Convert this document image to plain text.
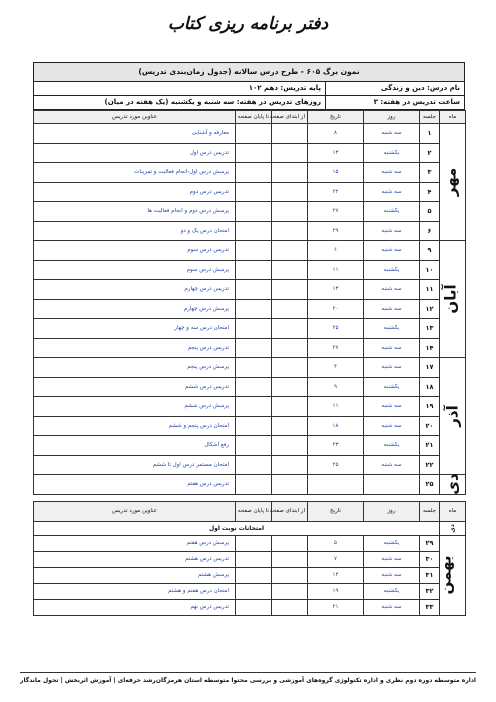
دفتر برنامه ریزی کتاب
نمون برگ ۶۰۵ - طرح درس سالانه (جدول زمان‌بندی تدریس)
نام درس: دین و زندگی
پایه تدریس: دهم ۱۰۲
ساعت تدریس در هفته: ۳
روزهای تدریس در هفته: سه شنبه و یکشنبه (یک هفته در میان)
ماه	جلسه	روز	تاریخ	از ابتدای صفحه	تا پایان صفحه	عناوین مورد تدریس
مهر	۱	سه شنبه	۸			معارفه و آشنایی
	۲	یکشنبه	۱۳			تدریس درس اول
	۳	سه شنبه	۱۵			پرسش درس اول-انجام فعالیت و تمرینات
	۴	سه شنبه	۲۲			تدریس درس دوم
	۵	یکشنبه	۲۷			پرسش درس دوم و انجام فعالیت ها
	۶	سه شنبه	۲۹			امتحان درس یک و دو
آبان	۹	سه شنبه	۶			تدریس درس سوم
	۱۰	یکشنبه	۱۱			پرسش درس سوم
	۱۱	سه شنبه	۱۳			تدریس درس چهارم
	۱۲	سه شنبه	۲۰			پرسش درس چهارم
	۱۳	یکشنبه	۲۵			امتحان درس سه و چهار
	۱۴	سه شنبه	۲۷			تدریس درس پنجم
آذر	۱۷	سه شنبه	۴			پرسش درس پنجم
	۱۸	یکشنبه	۹			تدریس درس ششم
	۱۹	سه شنبه	۱۱			پرسش درس ششم
	۲۰	سه شنبه	۱۸			امتحان درس پنجم و ششم
	۲۱	یکشنبه	۲۳			رفع اشکال
	۲۲	سه شنبه	۲۵			امتحان مستمر درس اول تا ششم
دی	۲۵					تدریس درس هفتم
ماه	جلسه	روز	تاریخ	از ابتدای صفحه	تا پایان صفحه	عناوین مورد تدریس
دی	امتحانات نوبت اول					
بهمن	۲۹	یکشنبه	۵			پرسش درس هفتم
	۳۰	سه شنبه	۷			تدریس درس هشتم
	۳۱	سه شنبه	۱۴			پرسش هشتم
	۳۲	یکشنبه	۱۹			امتحان درس هفتم و هشتم
	۳۳	سه شنبه	۲۱			تدریس درس نهم
اداره متوسطه دوره دوم نظری و اداره تکنولوژی گروه‌های آموزشی و بررسی محتوا متوسطه استان هرمزگان
رشد حرفه‌ای | آموزش اثربخش | تحول ماندگار
